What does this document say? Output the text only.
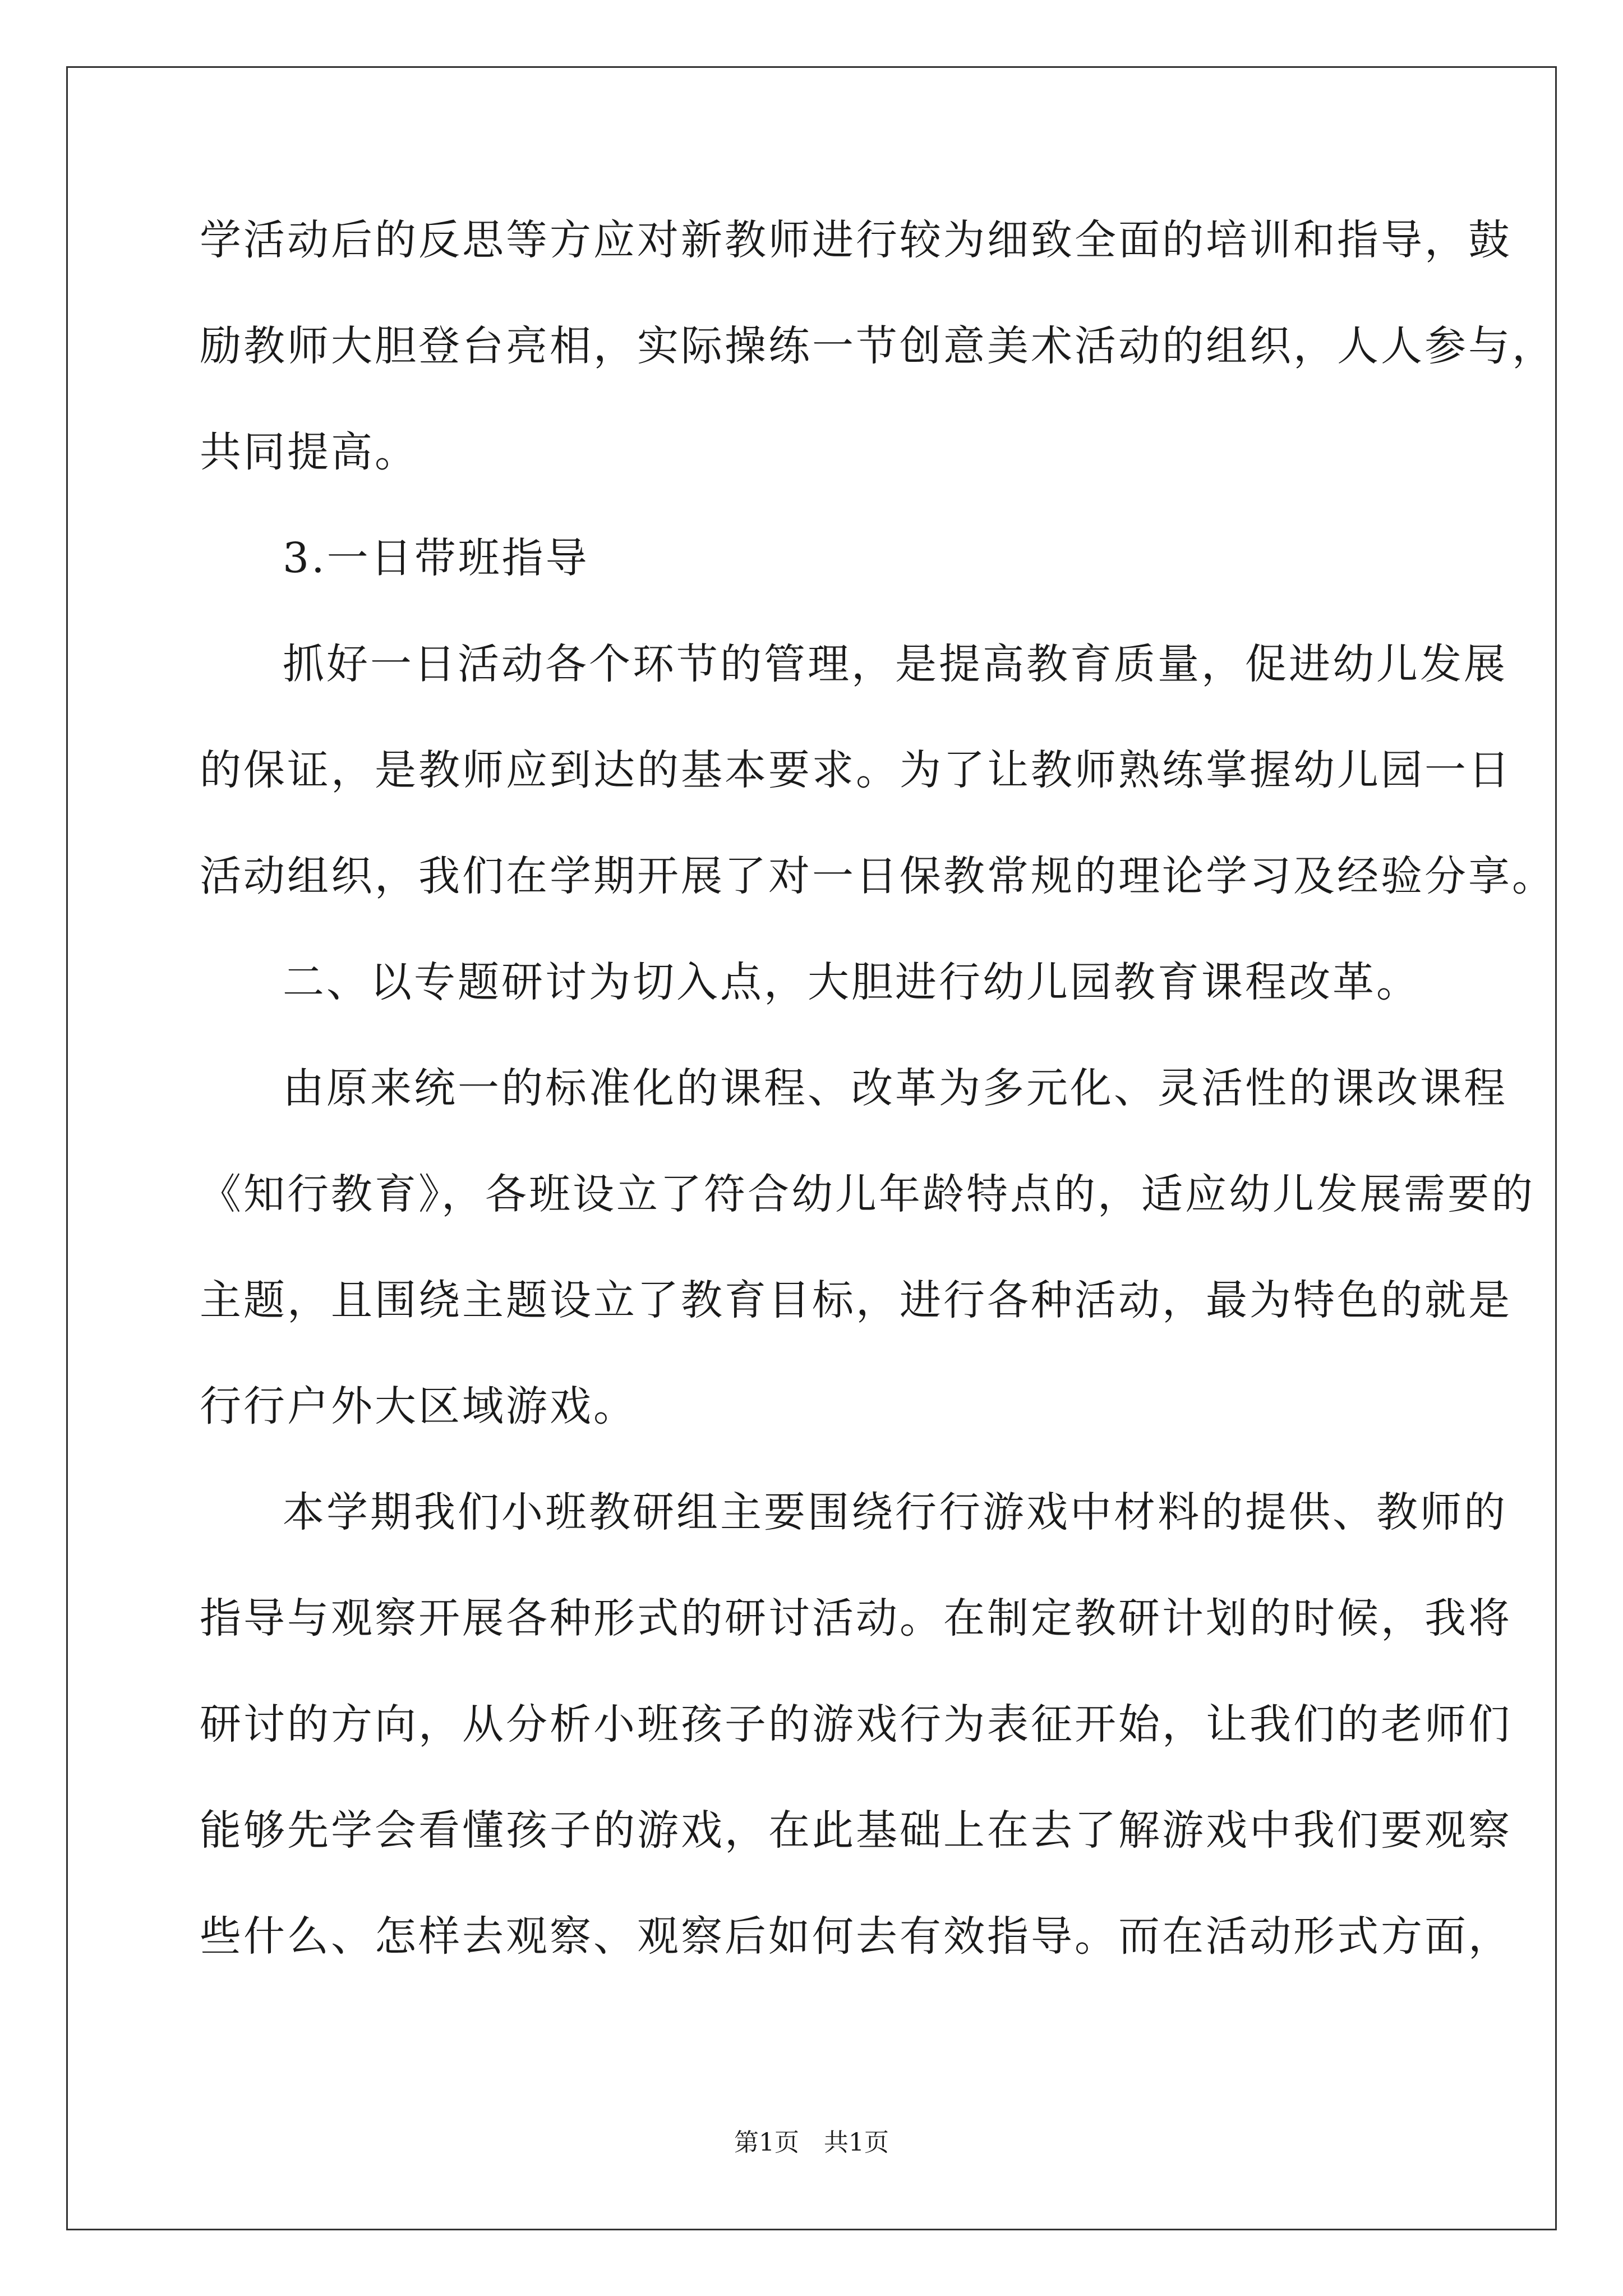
学活动后的反思等方应对新教师进行较为细致全面的培训和指导，鼓
励教师大胆登台亮相，实际操练一节创意美术活动的组织，人人参与，
共同提高。
3.一日带班指导
抓好一日活动各个环节的管理，是提高教育质量，促进幼儿发展
的保证，是教师应到达的基本要求。为了让教师熟练掌握幼儿园一日
活动组织，我们在学期开展了对一日保教常规的理论学习及经验分享。
二、以专题研讨为切入点，大胆进行幼儿园教育课程改革。
由原来统一的标准化的课程、改革为多元化、灵活性的课改课程
《知行教育》，各班设立了符合幼儿年龄特点的，适应幼儿发展需要的
主题，且围绕主题设立了教育目标，进行各种活动，最为特色的就是
行行户外大区域游戏。
本学期我们小班教研组主要围绕行行游戏中材料的提供、教师的
指导与观察开展各种形式的研讨活动。在制定教研计划的时候，我将
研讨的方向，从分析小班孩子的游戏行为表征开始，让我们的老师们
能够先学会看懂孩子的游戏，在此基础上在去了解游戏中我们要观察
些什么、怎样去观察、观察后如何去有效指导。而在活动形式方面，
第1页　共1页
